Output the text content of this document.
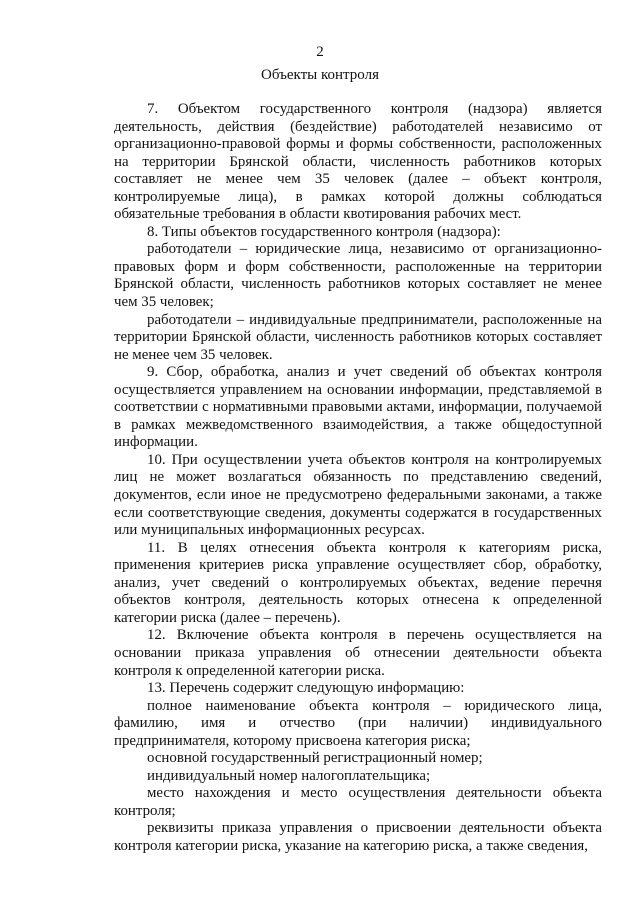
2
Объекты контроля

7. Объектом государственного контроля (надзора) является деятельность, действия (бездействие) работодателей независимо от организационно-правовой формы и формы собственности, расположенных на территории Брянской области, численность работников которых составляет не менее чем 35 человек (далее – объект контроля, контролируемые лица), в рамках которой должны соблюдаться обязательные требования в области квотирования рабочих мест.

8. Типы объектов государственного контроля (надзора):

работодатели – юридические лица, независимо от организационно-правовых форм и форм собственности, расположенные на территории Брянской области, численность работников которых составляет не менее чем 35 человек;

работодатели – индивидуальные предприниматели, расположенные на территории Брянской области, численность работников которых составляет не менее чем 35 человек.

9. Сбор, обработка, анализ и учет сведений об объектах контроля осуществляется управлением на основании информации, представляемой в соответствии с нормативными правовыми актами, информации, получаемой в рамках межведомственного взаимодействия, а также общедоступной информации.

10. При осуществлении учета объектов контроля на контролируемых лиц не может возлагаться обязанность по представлению сведений, документов, если иное не предусмотрено федеральными законами, а также если соответствующие сведения, документы содержатся в государственных или муниципальных информационных ресурсах.

11. В целях отнесения объекта контроля к категориям риска, применения критериев риска управление осуществляет сбор, обработку, анализ, учет сведений о контролируемых объектах, ведение перечня объектов контроля, деятельность которых отнесена к определенной категории риска (далее – перечень).

12. Включение объекта контроля в перечень осуществляется на основании приказа управления об отнесении деятельности объекта контроля к определенной категории риска.

13. Перечень содержит следующую информацию:

полное наименование объекта контроля – юридического лица, фамилию, имя и отчество (при наличии) индивидуального предпринимателя, которому присвоена категория риска;

основной государственный регистрационный номер;

индивидуальный номер налогоплательщика;

место нахождения и место осуществления деятельности объекта контроля;

реквизиты приказа управления о присвоении деятельности объекта контроля категории риска, указание на категорию риска, а также сведения,
